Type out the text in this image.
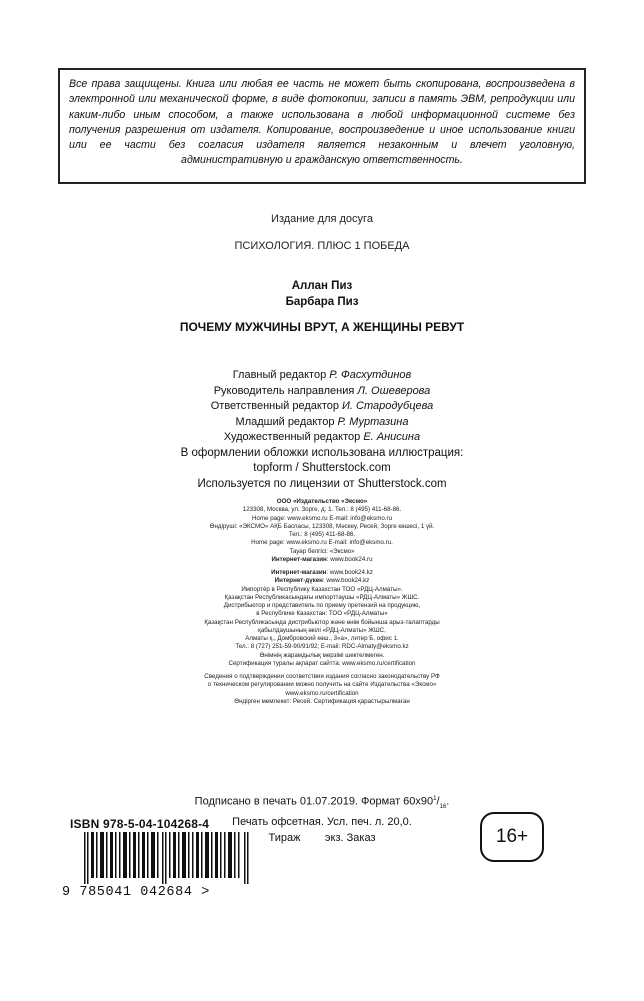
Все права защищены. Книга или любая ее часть не может быть скопирована, воспроизведена в электронной или механической форме, в виде фотокопии, записи в память ЭВМ, репродукции или каким-либо иным способом, а также использована в любой информационной системе без получения разрешения от издателя. Копирование, воспроизведение и иное использование книги или ее части без согласия издателя является незаконным и влечет уголовную, административную и гражданскую ответственность.
Издание для досуга
ПСИХОЛОГИЯ. ПЛЮС 1 ПОБЕДА
Аллан Пиз
Барбара Пиз
ПОЧЕМУ МУЖЧИНЫ ВРУТ, А ЖЕНЩИНЫ РЕВУТ
Главный редактор Р. Фасхутдинов
Руководитель направления Л. Ошеверова
Ответственный редактор И. Стародубцева
Младший редактор Р. Муртазина
Художественный редактор Е. Анисина
В оформлении обложки использована иллюстрация:
topform / Shutterstock.com
Используется по лицензии от Shutterstock.com
ООО «Издательство «Эксмо»
123308, Москва, ул. Зорге, д. 1. Тел.: 8 (495) 411-68-86.
Home page: www.eksmo.ru E-mail: info@eksmo.ru
Өндіруші: «ЭКСМО» АҚБ Баспасы, 123308, Мәскеу, Ресей, Зорге көшесі, 1 үй.
Тел.: 8 (495) 411-68-86.
Home page: www.eksmo.ru E-mail: info@eksmo.ru.
Тауар белгісі: «Эксмо»
Интернет-магазин: www.book24.ru
Интернет-магазин: www.book24.kz
Интернет-дүкен: www.book24.kz
Импортёр в Республику Казахстан ТОО «РДЦ-Алматы».
Қазақстан Республикасындағы импорттаушы «РДЦ-Алматы» ЖШС.
Дистрибьютор и представитель по приему претензий на продукцию,
в Республике Казахстан: ТОО «РДЦ-Алматы»
Қазақстан Республикасында дистрибьютор және өнім бойынша арыз-талаптарды
қабылдаушының өкілі «РДЦ-Алматы» ЖШС,
Алматы қ., Домбровский көш., 3«а», литер Б, офис 1.
Тел.: 8 (727) 251-59-90/91/92; E-mail: RDC-Almaty@eksmo.kz
Өнімнің жарамдылық мерзімі шектелмеген.
Сертификация туралы ақпарат сайтта: www.eksmo.ru/certification
Сведения о подтверждении соответствия издания согласно законодательству РФ
о техническом регулировании можно получить на сайте Издательства «Эксмо»
www.eksmo.ru/certification
Өндірген мемлекет: Ресей. Сертификация қарастырылмаған
Подписано в печать 01.07.2019. Формат $60x90^1/_{16}$.
Печать офсетная. Усл. печ. л. 20,0.
Тираж        экз. Заказ
ISBN 978-5-04-104268-4
9 785041 042684 >
16+
